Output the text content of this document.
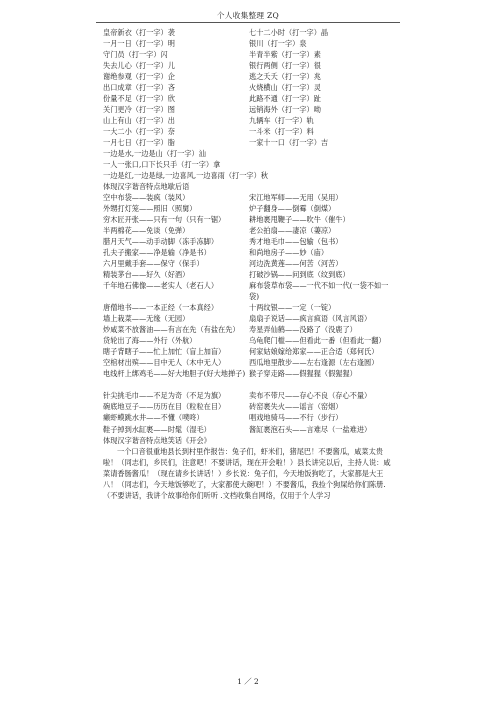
个人收集整理 ZQ
皇帝新衣（打一字）袭	七十二小时（打一字）晶
一月一日（打一字）明	银川（打一字）泉
守门员（打一字）闪	半青半紫（打一字）素
失去儿心（打一字）儿	银行两侧（打一字）很
谢绝参观（打一字）企	逃之夭夭（打一字）兆
出口成章（打一字）吝	火烧横山（打一字）灵
份量不足（打一字）欣	此路不通（打一字）趾
关门更冷（打一字）图	远销海外（打一字）呦
山上有山（打一字）出	九辆车（打一字）轨
一大二小（打一字）奈	一斗米（打一字）料
一月七日（打一字）脂	一家十一口（打一字）吉
一边是水,一边是山（打一字）汕
一人一张口,口下长只手（打一字）拿
一边是红,一边是绿,一边喜风,一边喜雨（打一字）秋
体现汉字谐音特点地歇后语
空中布袋——装疯（装风）	宋江地军师——无用（吴用）
外甥打灯笼——照旧（照舅）	炉子翻身——倒霉（倒煤）
穷木匠开张——只有一句（只有一锯）	耕地裹甩鞭子——吹牛（催牛）
半两棉花——免谈（免弹）	老公拍扇——凄凉（萋凉）
腊月天气——动手动脚（冻手冻脚）	秀才地毛巾——包输（包书）
孔夫子搬家——净是输（净是书）	和尚地房子——妙（庙）
六月里戴手套——保守（保手）	河边洗黄莲——何苦（河苦）
精装茅台——好久（好酒）	打破沙锅——问到底（纹到底）
千年地石佛像——老实人（老石人）	麻布袋草布袋——一代不如一代(一袋不如一袋)
唐僧地书——一本正经（一本真经）	十两纹银——一定（一锭）
墙上栽菜——无缘（无园）	扇扇子说话——疯言疯语（风言风语）
炒咸菜不放酱油——有言在先（有盐在先）	寿星弄仙鹤——没路了（没鹿了）
货轮出了海——外行（外航）	乌龟爬门槛——但看此一番（但看此一翻）
瞎子背瞎子——忙上加忙（盲上加盲）	何家姑娘嫁给郑家——正合适（郑何氏）
空棺材出殡——目中无人（木中无人）	西瓜地里散步——左右逢源（左右逢圆）
电线杆上绑鸡毛——好大地胆子(好大地掸子) 猴子穿走路——假猩猩（假猩猩）
针尖挑毛巾——不足为奇（不足为旗）	卖布不带尺——存心不良（存心不量）
碗底地豆子——历历在目（粒粒在目）	砖窑裹失火——谣言（窑烟）
癞虾蟆跳水井——不懂（噗咚）	唱戏地骑马——不行（步行）
鞋子掉到水缸裹——时髦（湿毛）	酱缸裹泡石头——言难尽（一盐难进）
体现汉字谐音特点地笑话《开会》
一个口音很重地县长到村里作报告：兔子们，虾米们，猪尾巴！不要酱瓜，咸菜太贵啦！（同志们，乡民们，注意吧！不要讲话，现在开会啦！）县长讲完以后，主持人说：咸菜请香肠酱瓜！（现在请乡长讲话！）乡长说：兔子们，今天地饭狗吃了，大家都是大王八！（同志们，今天地饭够吃了，大家都使大碗吧！）不要酱瓜，我捡个狗屎给你们陈册.（不要讲话，我讲个故事给你们听听 .文档收集自网络，仅用于个人学习
1 ／ 2
